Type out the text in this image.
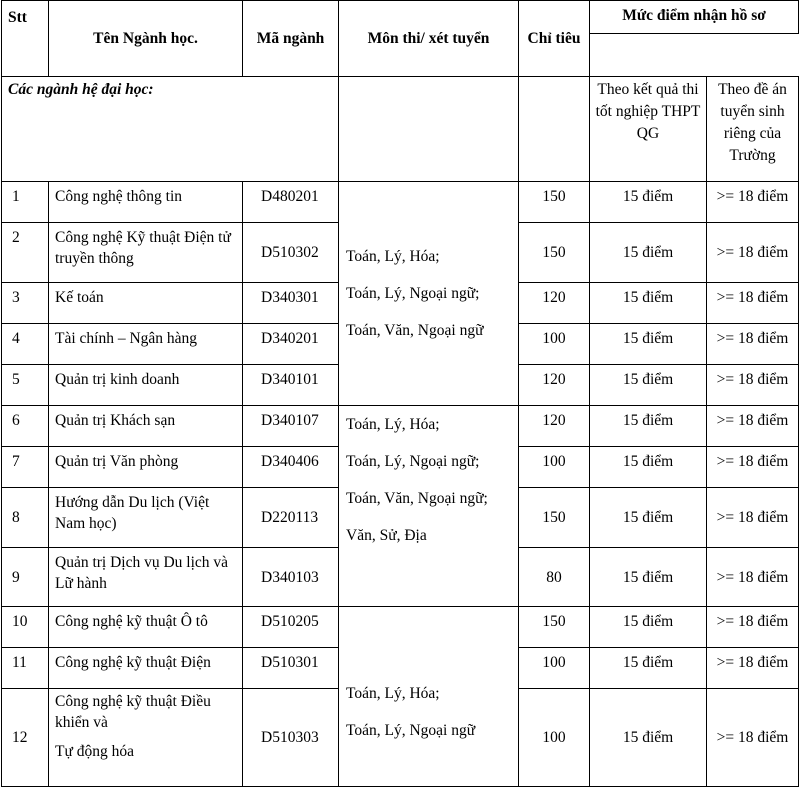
Stt	Tên Ngành học.	Mã ngành	Môn thi/ xét tuyển	Chỉ tiêu	Mức điểm nhận hồ sơ	

Các ngành hệ đại học:					Theo kết quả thi tốt nghiệp THPT QG	Theo đề án tuyển sinh riêng của Trường
1	Công nghệ thông tin	D480201	Toán, Lý, Hóa;
Toán, Lý, Ngoại ngữ;
Toán, Văn, Ngoại ngữ	150	15 điểm	>= 18 điểm
2	Công nghệ Kỹ thuật Điện tử truyền thông	D510302		150	15 điểm	>= 18 điểm
3	Kế toán	D340301		120	15 điểm	>= 18 điểm
4	Tài chính – Ngân hàng	D340201		100	15 điểm	>= 18 điểm
5	Quản trị kinh doanh	D340101		120	15 điểm	>= 18 điểm
6	Quản trị Khách sạn	D340107	Toán, Lý, Hóa;
Toán, Lý, Ngoại ngữ;
Toán, Văn, Ngoại ngữ;
Văn, Sử, Địa	120	15 điểm	>= 18 điểm
7	Quản trị Văn phòng	D340406		100	15 điểm	>= 18 điểm
8	Hướng dẫn Du lịch (Việt Nam học)	D220113		150	15 điểm	>= 18 điểm
9	Quản trị Dịch vụ Du lịch và Lữ hành	D340103		80	15 điểm	>= 18 điểm
10	Công nghệ kỹ thuật Ô tô	D510205	Toán, Lý, Hóa;
Toán, Lý, Ngoại ngữ	150	15 điểm	>= 18 điểm
11	Công nghệ kỹ thuật Điện	D510301		100	15 điểm	>= 18 điểm
12	Công nghệ kỹ thuật Điều khiển và
Tự động hóa	D510303		100	15 điểm	>= 18 điểm
